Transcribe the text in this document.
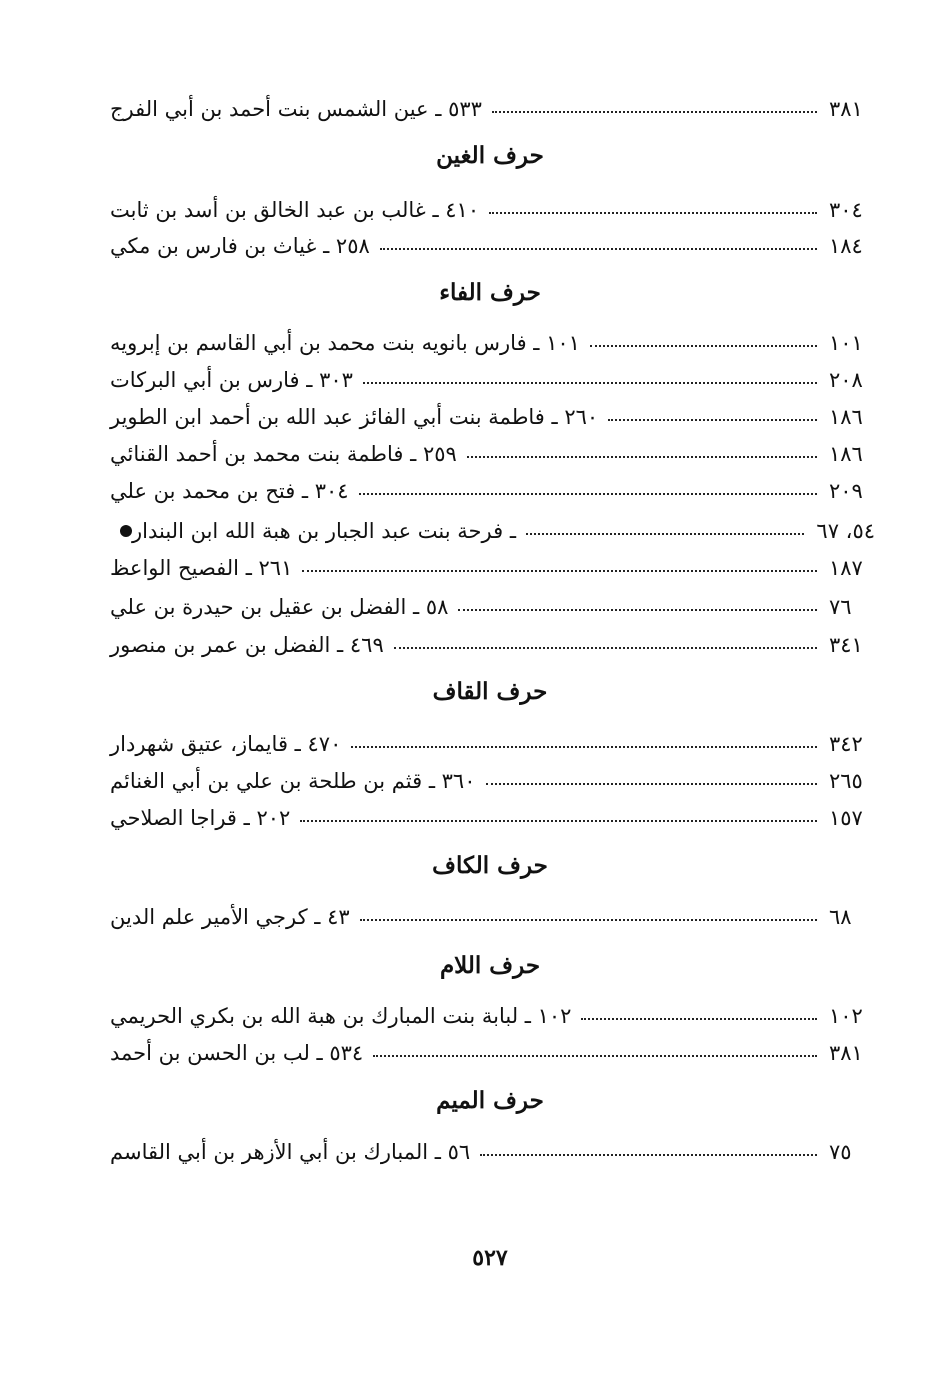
٥٣٣ ـ عين الشمس بنت أحمد بن أبي الفرج	٣٨١
حرف الغين
٤١٠ ـ غالب بن عبد الخالق بن أسد بن ثابت	٣٠٤
٢٥٨ ـ غياث بن فارس بن مكي	١٨٤
حرف الفاء
١٠١ ـ فارس بانويه بنت محمد بن أبي القاسم بن إبرويه	١٠١
٣٠٣ ـ فارس بن أبي البركات	٢٠٨
٢٦٠ ـ فاطمة بنت أبي الفائز عبد الله بن أحمد ابن الطوير	١٨٦
٢٥٩ ـ فاطمة بنت محمد بن أحمد القنائي	١٨٦
٣٠٤ ـ فتح بن محمد بن علي	٢٠٩
ـ فرحة بنت عبد الجبار بن هبة الله ابن البندار	٥٤، ٦٧
٢٦١ ـ الفصيح الواعظ	١٨٧
٥٨ ـ الفضل بن عقيل بن حيدرة بن علي	٧٦
٤٦٩ ـ الفضل بن عمر بن منصور	٣٤١
حرف القاف
٤٧٠ ـ قايماز، عتيق شهردار	٣٤٢
٣٦٠ ـ قثم بن طلحة بن علي بن أبي الغنائم	٢٦٥
٢٠٢ ـ قراجا الصلاحي	١٥٧
حرف الكاف
٤٣ ـ كرجي الأمير علم الدين	٦٨
حرف اللام
١٠٢ ـ لبابة بنت المبارك بن هبة الله بن بكري الحريمي	١٠٢
٥٣٤ ـ لب بن الحسن بن أحمد	٣٨١
حرف الميم
٥٦ ـ المبارك بن أبي الأزهر بن أبي القاسم	٧٥
٥٢٧
